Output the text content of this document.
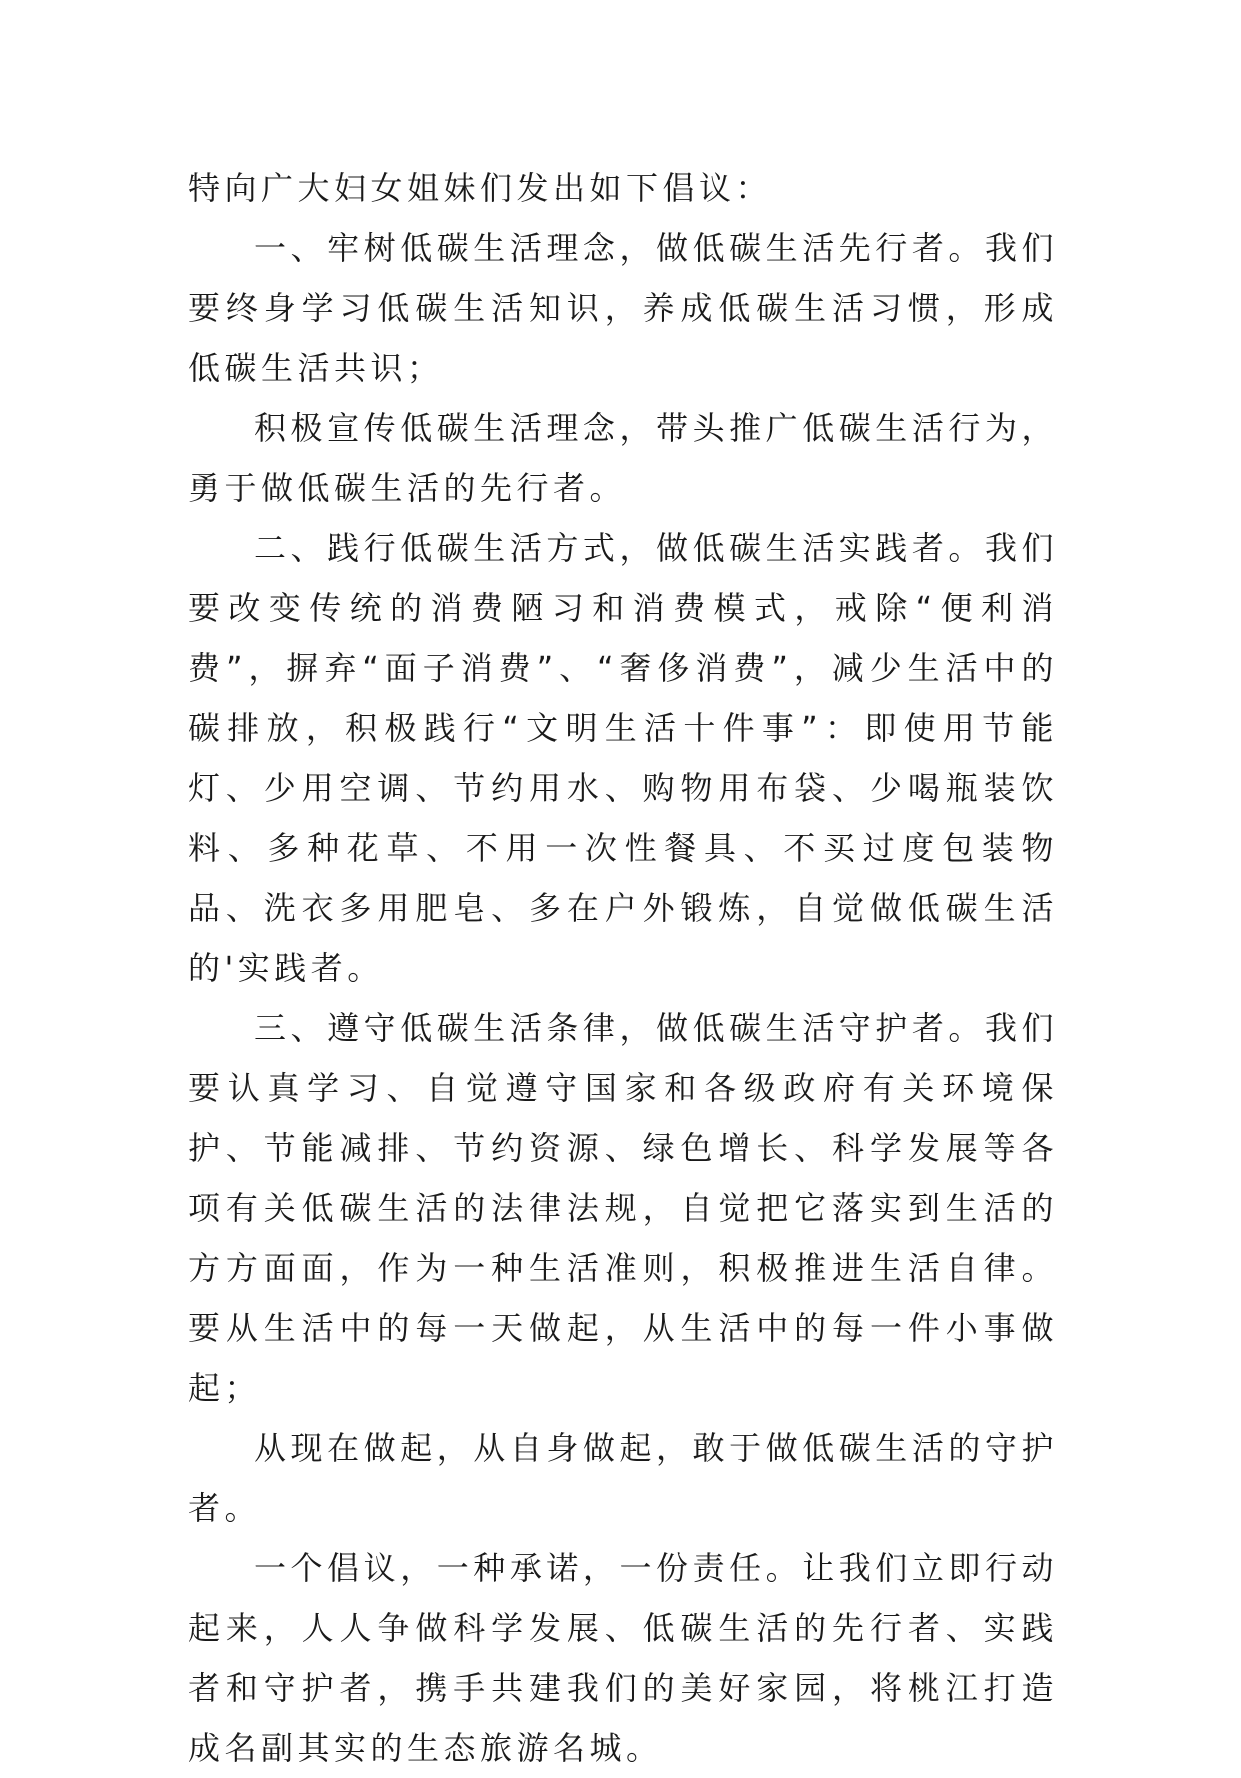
特向广大妇女姐妹们发出如下倡议：

一、牢树低碳生活理念，做低碳生活先行者。我们要终身学习低碳生活知识，养成低碳生活习惯，形成低碳生活共识；

积极宣传低碳生活理念，带头推广低碳生活行为，勇于做低碳生活的先行者。

二、践行低碳生活方式，做低碳生活实践者。我们要改变传统的消费陋习和消费模式，戒除“便利消费”，摒弃“面子消费”、“奢侈消费”，减少生活中的碳排放，积极践行“文明生活十件事”：即使用节能灯、少用空调、节约用水、购物用布袋、少喝瓶装饮料、多种花草、不用一次性餐具、不买过度包装物品、洗衣多用肥皂、多在户外锻炼，自觉做低碳生活的'实践者。

三、遵守低碳生活条律，做低碳生活守护者。我们要认真学习、自觉遵守国家和各级政府有关环境保护、节能减排、节约资源、绿色增长、科学发展等各项有关低碳生活的法律法规，自觉把它落实到生活的方方面面，作为一种生活准则，积极推进生活自律。要从生活中的每一天做起，从生活中的每一件小事做起；

从现在做起，从自身做起，敢于做低碳生活的守护者。

一个倡议，一种承诺，一份责任。让我们立即行动起来，人人争做科学发展、低碳生活的先行者、实践者和守护者，携手共建我们的美好家园，将桃江打造成名副其实的生态旅游名城。
